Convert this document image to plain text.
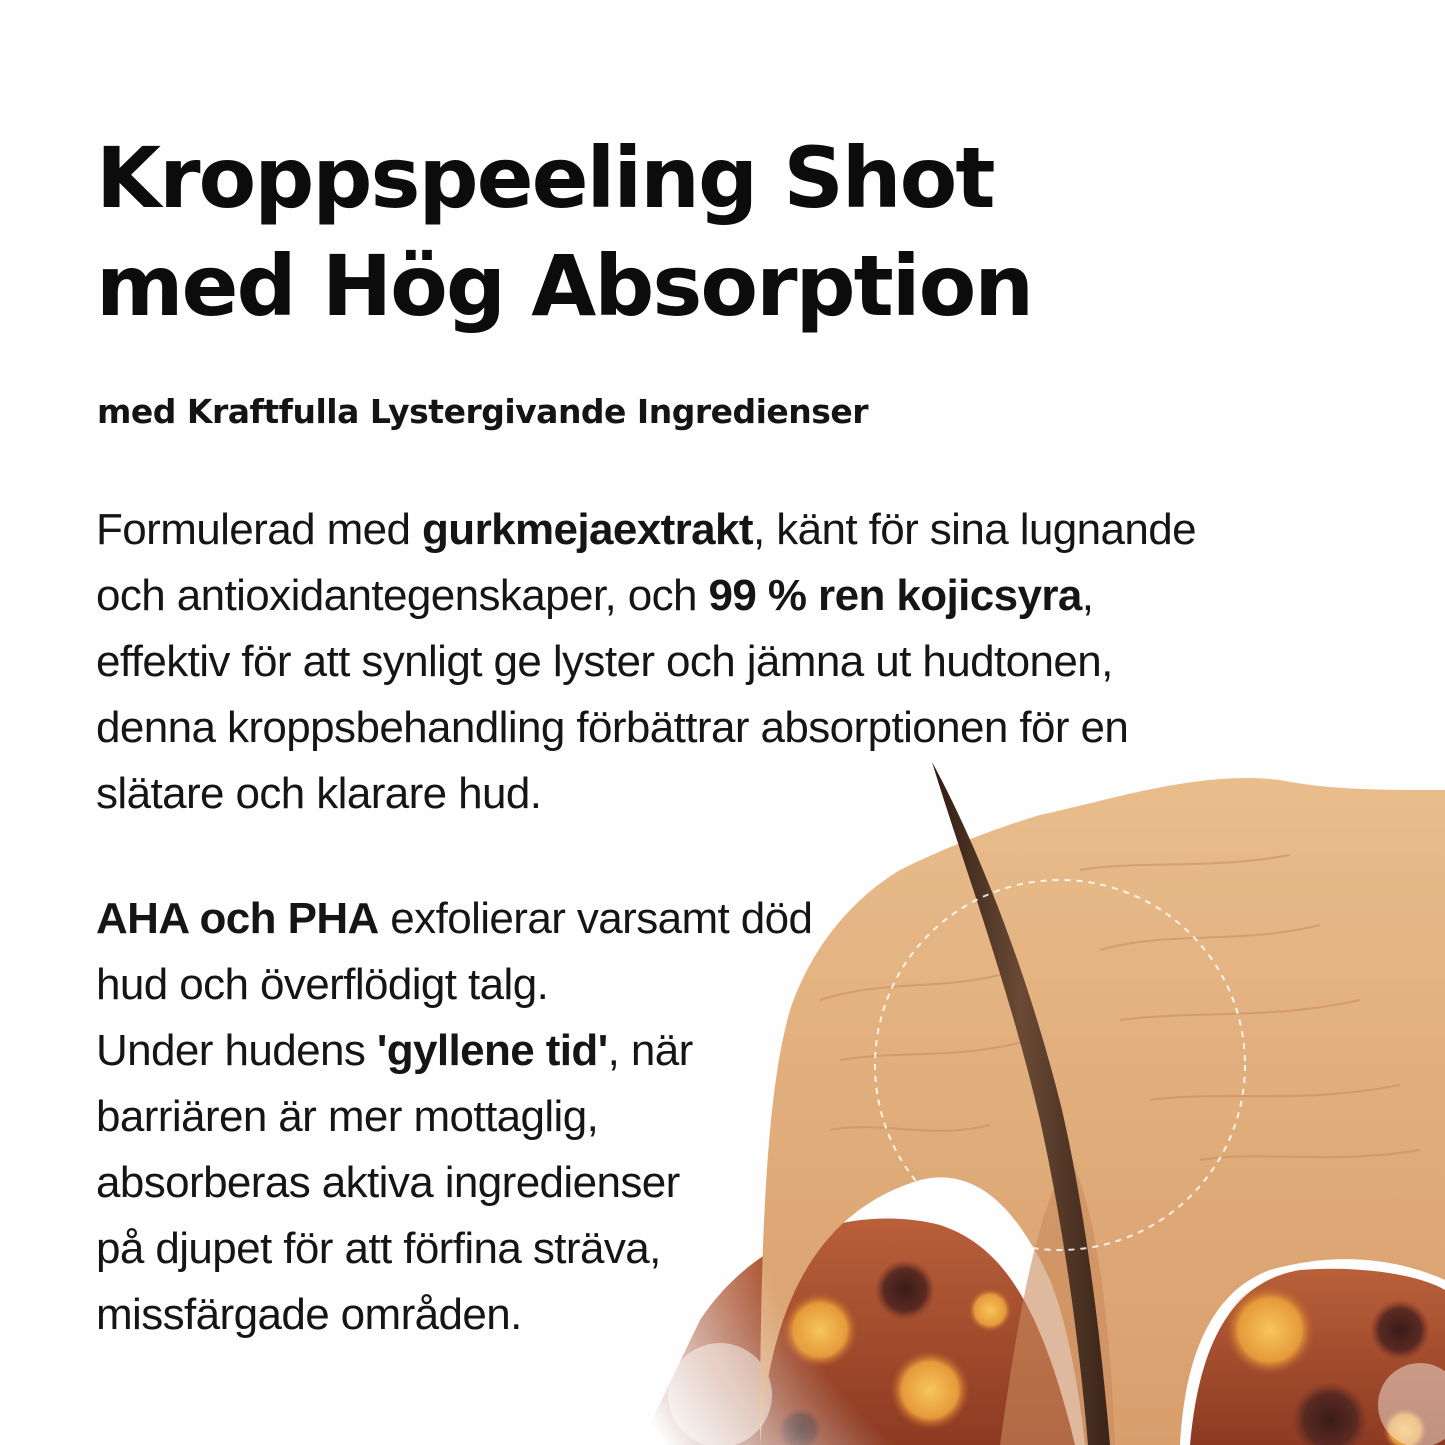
Kroppspeeling Shot
med Hög Absorption

med Kraftfulla Lystergivande Ingredienser

Formulerad med gurkmejaextrakt, känt för sina lugnande
och antioxidantegenskaper, och 99 % ren kojicsyra,
effektiv för att synligt ge lyster och jämna ut hudtonen,
denna kroppsbehandling förbättrar absorptionen för en
slätare och klarare hud.

AHA och PHA exfolierar varsamt död
hud och överflödigt talg.
Under hudens 'gyllene tid', när
barriären är mer mottaglig,
absorberas aktiva ingredienser
på djupet för att förfina sträva,
missfärgade områden.
